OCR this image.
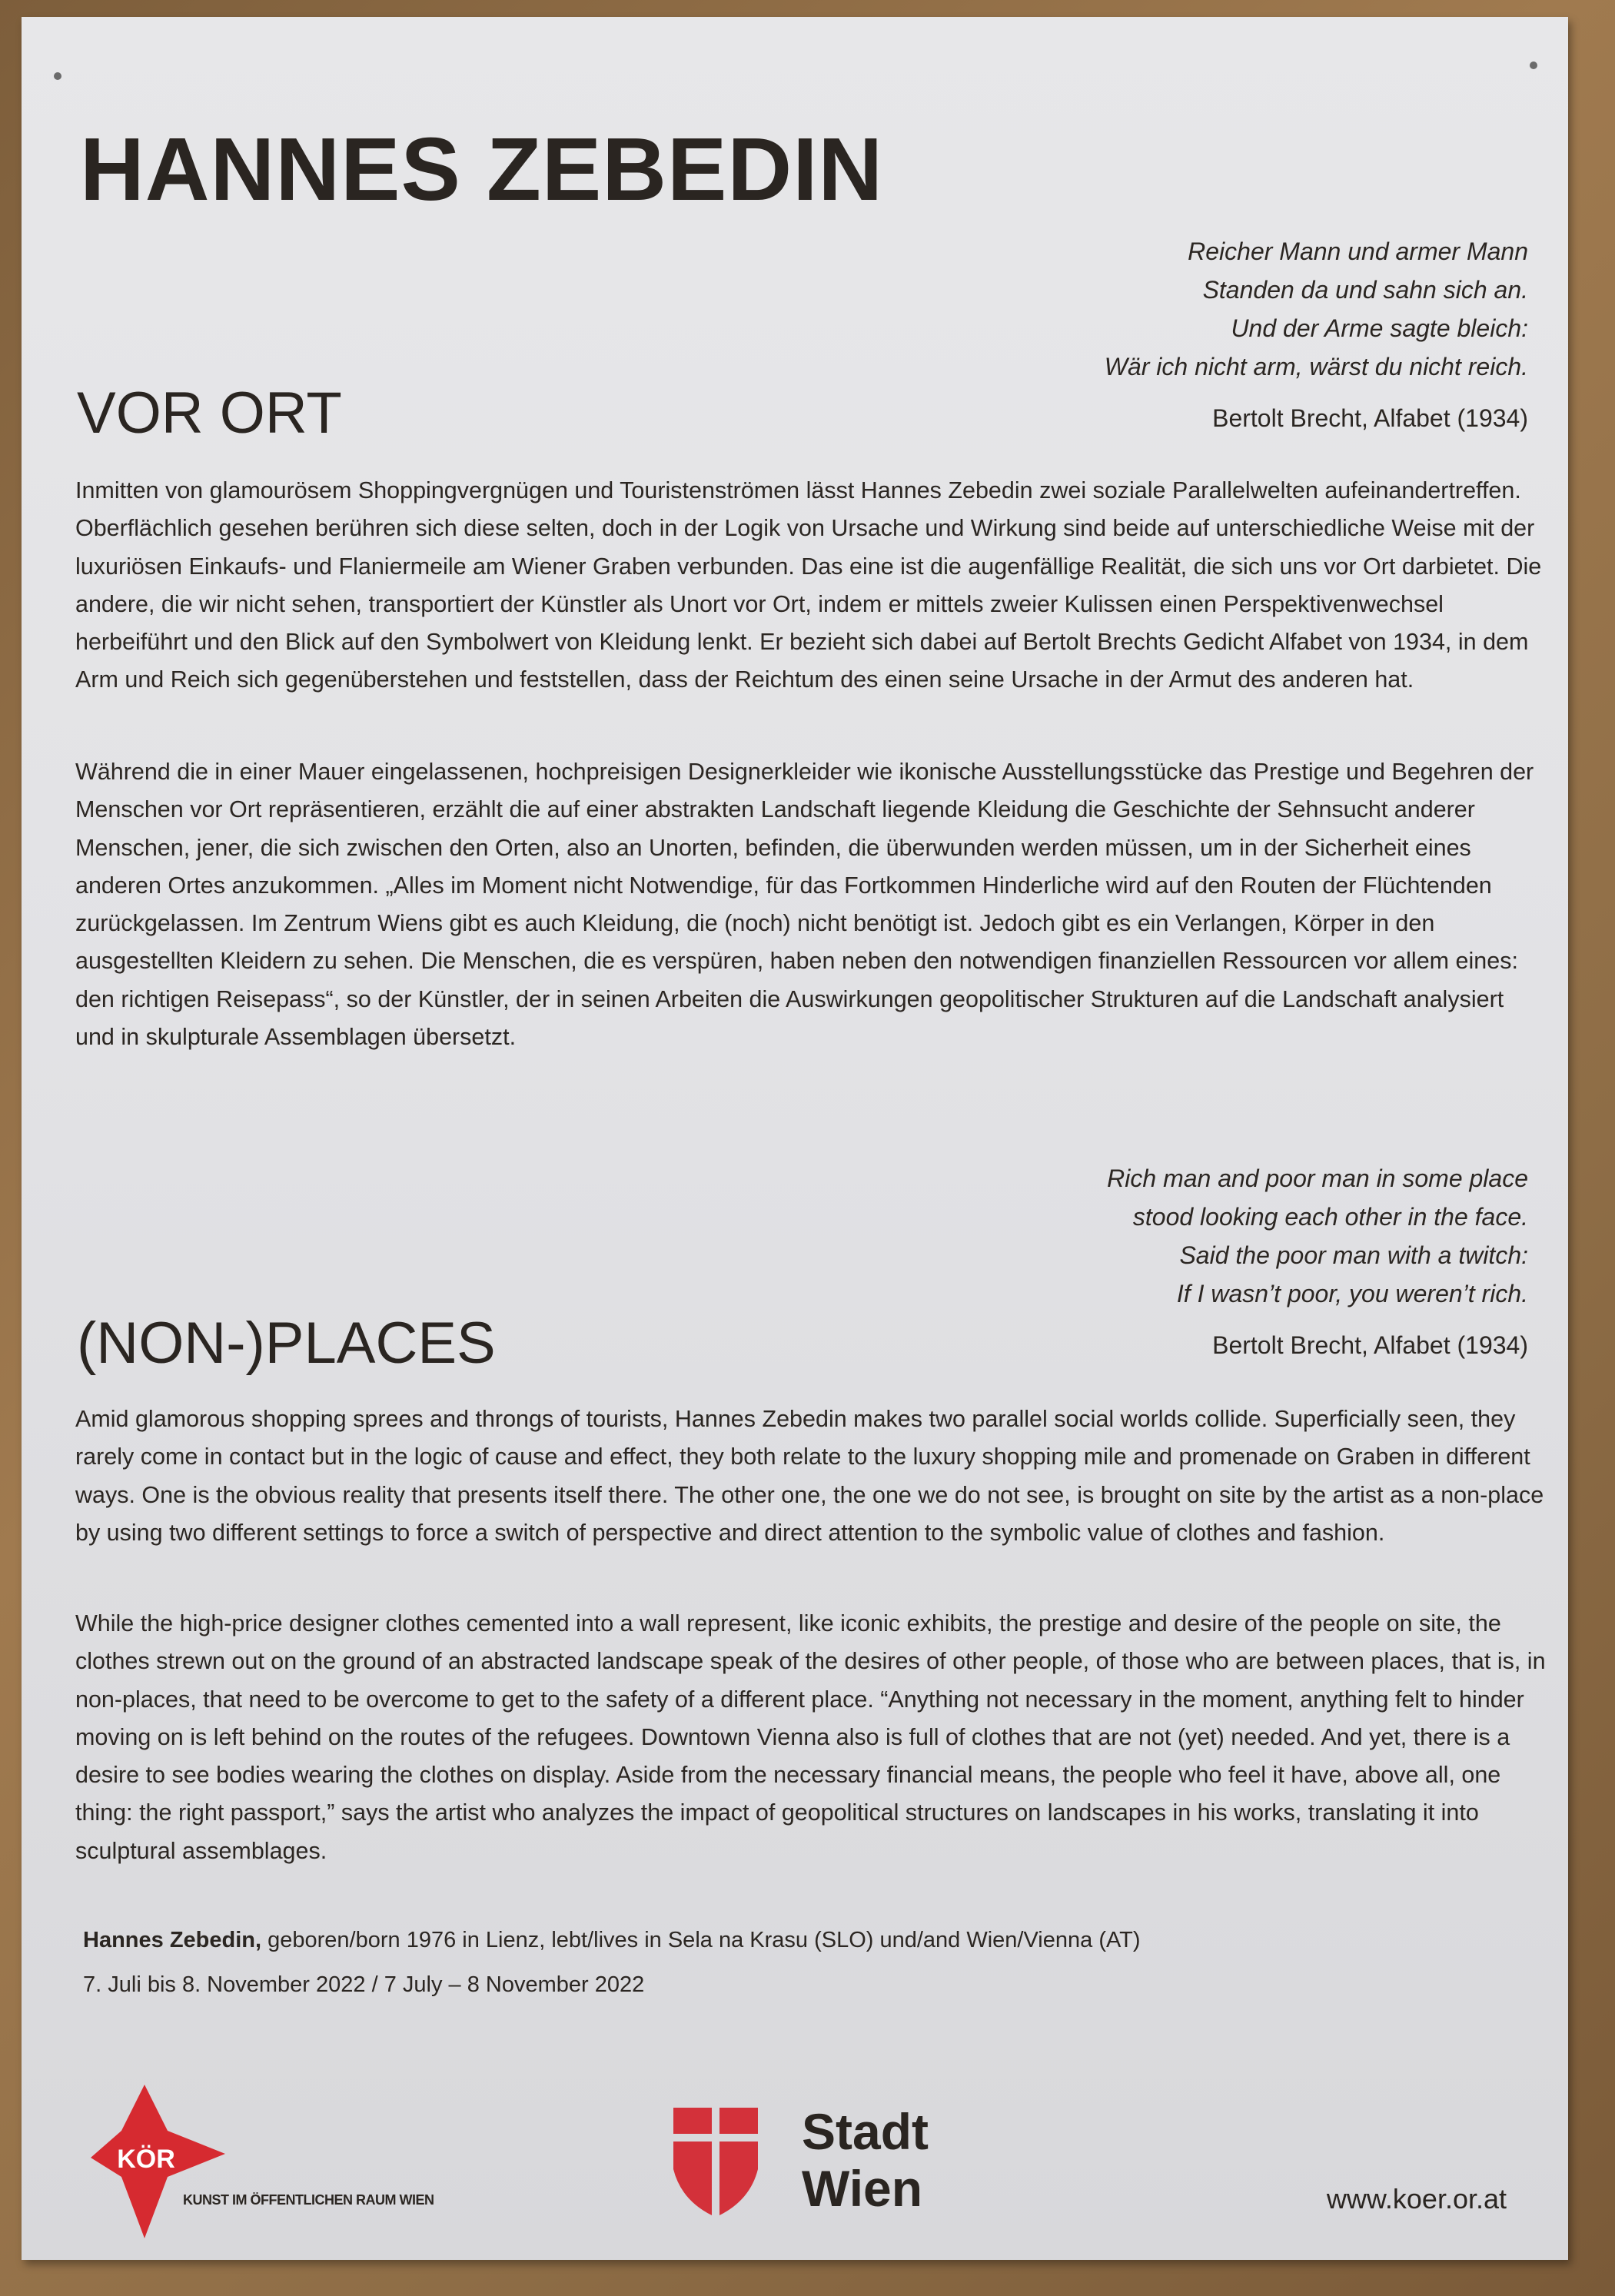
HANNES ZEBEDIN
Reicher Mann und armer Mann
Standen da und sahn sich an.
Und der Arme sagte bleich:
Wär ich nicht arm, wärst du nicht reich.
Bertolt Brecht, Alfabet (1934)
VOR ORT

Inmitten von glamourösem Shoppingvergnügen und Touristenströmen lässt Hannes Zebedin zwei soziale Parallelwelten aufeinandertreffen. Oberflächlich gesehen berühren sich diese selten, doch in der Logik von Ursache und Wirkung sind beide auf unterschiedliche Weise mit der luxuriösen Einkaufs- und Flaniermeile am Wiener Graben verbunden. Das eine ist die augenfällige Realität, die sich uns vor Ort darbietet. Die andere, die wir nicht sehen, transportiert der Künstler als Unort vor Ort, indem er mittels zweier Kulissen einen Perspektivenwechsel herbeiführt und den Blick auf den Symbolwert von Kleidung lenkt. Er bezieht sich dabei auf Bertolt Brechts Gedicht Alfabet von 1934, in dem Arm und Reich sich gegenüberstehen und feststellen, dass der Reichtum des einen seine Ursache in der Armut des anderen hat.

Während die in einer Mauer eingelassenen, hochpreisigen Designerkleider wie ikonische Ausstellungsstücke das Prestige und Begehren der Menschen vor Ort repräsentieren, erzählt die auf einer abstrakten Landschaft liegende Kleidung die Geschichte der Sehnsucht anderer Menschen, jener, die sich zwischen den Orten, also an Unorten, befinden, die überwunden werden müssen, um in der Sicherheit eines anderen Ortes anzukommen. „Alles im Moment nicht Notwendige, für das Fortkommen Hinderliche wird auf den Routen der Flüchtenden zurückgelassen. Im Zentrum Wiens gibt es auch Kleidung, die (noch) nicht benötigt ist. Jedoch gibt es ein Verlangen, Körper in den ausgestellten Kleidern zu sehen. Die Menschen, die es verspüren, haben neben den notwendigen finanziellen Ressourcen vor allem eines: den richtigen Reisepass“, so der Künstler, der in seinen Arbeiten die Auswirkungen geopolitischer Strukturen auf die Landschaft analysiert und in skulpturale Assemblagen übersetzt.

Rich man and poor man in some place
stood looking each other in the face.
Said the poor man with a twitch:
If I wasn’t poor, you weren’t rich.
Bertolt Brecht, Alfabet (1934)
(NON-)PLACES

Amid glamorous shopping sprees and throngs of tourists, Hannes Zebedin makes two parallel social worlds collide. Superficially seen, they rarely come in contact but in the logic of cause and effect, they both relate to the luxury shopping mile and promenade on Graben in different ways. One is the obvious reality that presents itself there. The other one, the one we do not see, is brought on site by the artist as a non-place by using two different settings to force a switch of perspective and direct attention to the symbolic value of clothes and fashion.

While the high-price designer clothes cemented into a wall represent, like iconic exhibits, the prestige and desire of the people on site, the clothes strewn out on the ground of an abstracted landscape speak of the desires of other people, of those who are between places, that is, in non-places, that need to be overcome to get to the safety of a different place. “Anything not necessary in the moment, anything felt to hinder moving on is left behind on the routes of the refugees. Downtown Vienna also is full of clothes that are not (yet) needed. And yet, there is a desire to see bodies wearing the clothes on display. Aside from the necessary financial means, the people who feel it have, above all, one thing: the right passport,” says the artist who analyzes the impact of geopolitical structures on landscapes in his works, translating it into sculptural assemblages.

Hannes Zebedin, geboren/born 1976 in Lienz, lebt/lives in Sela na Krasu (SLO) und/and Wien/Vienna (AT)
7. Juli bis 8. November 2022 / 7 July – 8 November 2022
KÖR
KUNST IM ÖFFENTLICHEN RAUM WIEN
Stadt
Wien	www.koer.or.at
